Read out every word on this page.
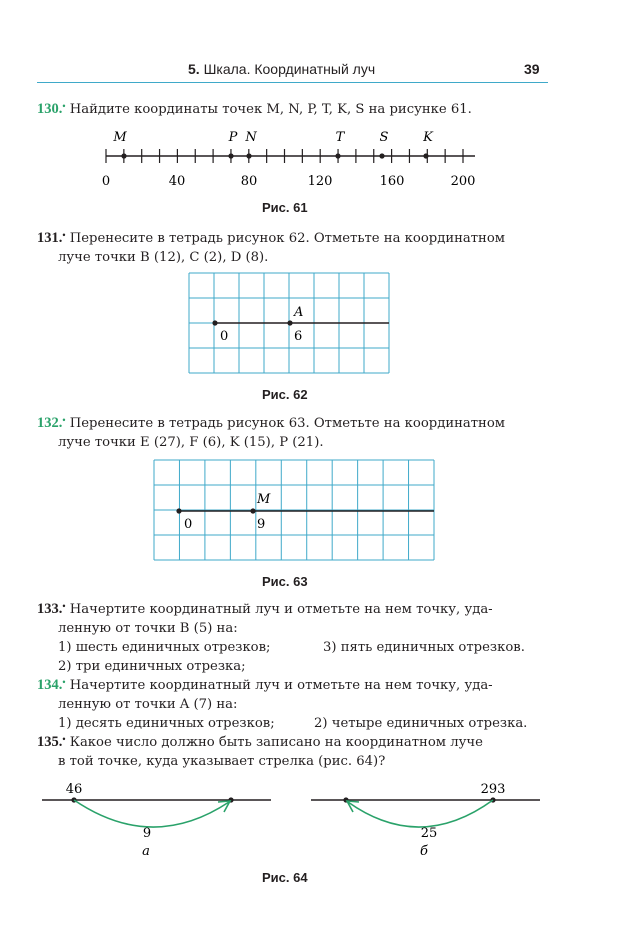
5. Шкала. Координатный луч	39
130.• Найдите координаты точек M, N, P, T, K, S на рисунке 61.
M	P N	T	S	K
0	40	80	120	160	200
Рис. 61
131.• Перенесите в тетрадь рисунок 62. Отметьте на координатном
луче точки B (12), C (2), D (8).
A
0	6
Рис. 62
132.• Перенесите в тетрадь рисунок 63. Отметьте на координатном
луче точки E (27), F (6), K (15), P (21).
M
0	9
Рис. 63
133.• Начертите координатный луч и отметьте на нем точку, уда-
ленную от точки B (5) на:
1) шесть единичных отрезков;	3) пять единичных отрезков.
2) три единичных отрезка;
134.• Начертите координатный луч и отметьте на нем точку, уда-
ленную от точки A (7) на:
1) десять единичных отрезков;	2) четыре единичных отрезка.
135.• Какое число должно быть записано на координатном луче
в той точке, куда указывает стрелка (рис. 64)?
46
9
а
293
25
б
Рис. 64
